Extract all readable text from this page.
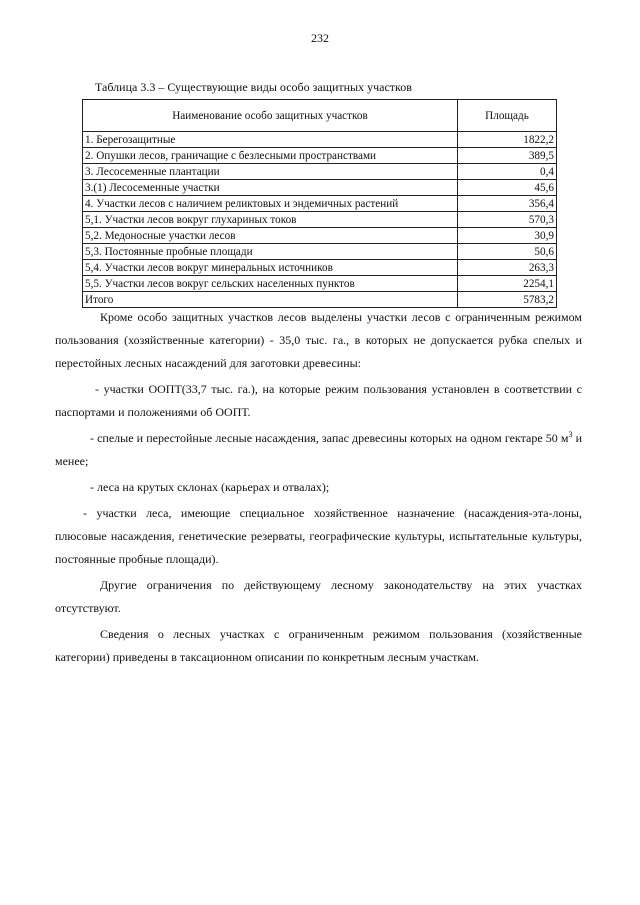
232
Таблица 3.3 – Существующие виды особо защитных участков
Наименование особо защитных участков	Площадь
1. Берегозащитные	1822,2
2. Опушки лесов, граничащие с безлесными пространствами	389,5
3. Лесосеменные плантации	0,4
3.(1) Лесосеменные участки	45,6
4. Участки лесов с наличием реликтовых и эндемичных растений	356,4
5,1. Участки лесов вокруг глухариных токов	570,3
5,2. Медоносные участки лесов	30,9
5,3. Постоянные пробные площади	50,6
5,4. Участки лесов вокруг минеральных источников	263,3
5,5. Участки лесов вокруг сельских населенных пунктов	2254,1
Итого	5783,2

Кроме особо защитных участков лесов выделены участки лесов с ограниченным режимом пользования (хозяйственные категории) - 35,0 тыс. га., в которых не допускается рубка спелых и перестойных лесных насаждений для заготовки древесины:

- участки ООПТ(33,7 тыс. га.), на которые режим пользования установлен в соответствии с паспортами и положениями об ООПТ.

- спелые и перестойные лесные насаждения, запас древесины которых на одном гектаре 50 $м^3$ и менее;

- леса на крутых склонах (карьерах и отвалах);

- участки леса, имеющие специальное хозяйственное назначение (насаждения-эта-лоны, плюсовые насаждения, генетические резерваты, географические культуры, испытательные культуры, постоянные пробные площади).

Другие ограничения по действующему лесному законодательству на этих участках отсутствуют.

Сведения о лесных участках с ограниченным режимом пользования (хозяйственные категории) приведены в таксационном описании по конкретным лесным участкам.
